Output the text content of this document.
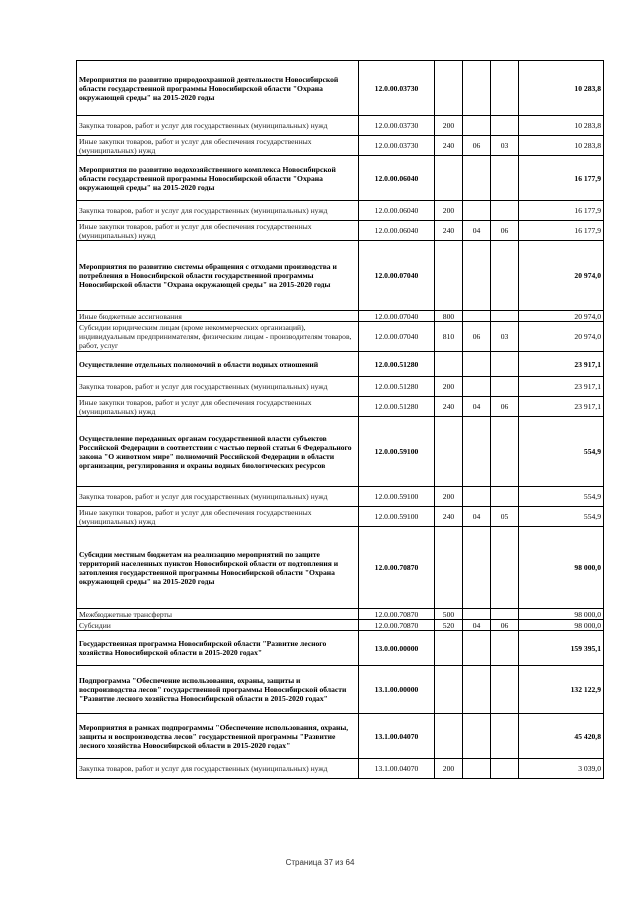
Мероприятия по развитию природоохранной деятельности Новосибирской области государственной программы Новосибирской области "Охрана окружающей среды" на 2015-2020 годы	12.0.00.03730				10 283,8
Закупка товаров, работ и услуг для государственных (муниципальных) нужд	12.0.00.03730	200			10 283,8
Иные закупки товаров, работ и услуг для обеспечения государственных (муниципальных) нужд	12.0.00.03730	240	06	03	10 283,8
Мероприятия по развитию водохозяйственного комплекса Новосибирской области государственной программы Новосибирской области "Охрана окружающей среды" на 2015-2020 годы	12.0.00.06040				16 177,9
Закупка товаров, работ и услуг для государственных (муниципальных) нужд	12.0.00.06040	200			16 177,9
Иные закупки товаров, работ и услуг для обеспечения государственных (муниципальных) нужд	12.0.00.06040	240	04	06	16 177,9
Мероприятия по развитию системы обращения с отходами производства и потребления в Новосибирской области государственной программы Новосибирской области "Охрана окружающей среды" на 2015-2020 годы	12.0.00.07040				20 974,0
Иные бюджетные ассигнования	12.0.00.07040	800			20 974,0
Субсидии юридическим лицам (кроме некоммерческих организаций), индивидуальным предпринимателям, физическим лицам - производителям товаров, работ, услуг	12.0.00.07040	810	06	03	20 974,0
Осуществление отдельных полномочий в области водных отношений	12.0.00.51280				23 917,1
Закупка товаров, работ и услуг для государственных (муниципальных) нужд	12.0.00.51280	200			23 917,1
Иные закупки товаров, работ и услуг для обеспечения государственных (муниципальных) нужд	12.0.00.51280	240	04	06	23 917,1
Осуществление переданных органам государственной власти субъектов Российской Федерации в соответствии с частью первой статьи 6 Федерального закона "О животном мире" полномочий Российской Федерации в области организации, регулирования и охраны водных биологических ресурсов	12.0.00.59100				554,9
Закупка товаров, работ и услуг для государственных (муниципальных) нужд	12.0.00.59100	200			554,9
Иные закупки товаров, работ и услуг для обеспечения государственных (муниципальных) нужд	12.0.00.59100	240	04	05	554,9
Субсидии местным бюджетам на реализацию мероприятий по защите территорий населенных пунктов Новосибирской области от подтопления и затопления государственной программы Новосибирской области "Охрана окружающей среды" на 2015-2020 годы	12.0.00.70870				98 000,0
Межбюджетные трансферты	12.0.00.70870	500			98 000,0
Субсидии	12.0.00.70870	520	04	06	98 000,0
Государственная программа Новосибирской области "Развитие лесного хозяйства Новосибирской области в 2015-2020 годах"	13.0.00.00000				159 395,1
Подпрограмма "Обеспечение использования, охраны, защиты и воспроизводства лесов" государственной программы Новосибирской области "Развитие лесного хозяйства Новосибирской области в 2015-2020 годах"	13.1.00.00000				132 122,9
Мероприятия в рамках подпрограммы "Обеспечение использования, охраны, защиты и воспроизводства лесов" государственной программы "Развитие лесного хозяйства Новосибирской области в 2015-2020 годах"	13.1.00.04070				45 420,8
Закупка товаров, работ и услуг для государственных (муниципальных) нужд	13.1.00.04070	200			3 039,0
Страница 37 из 64
